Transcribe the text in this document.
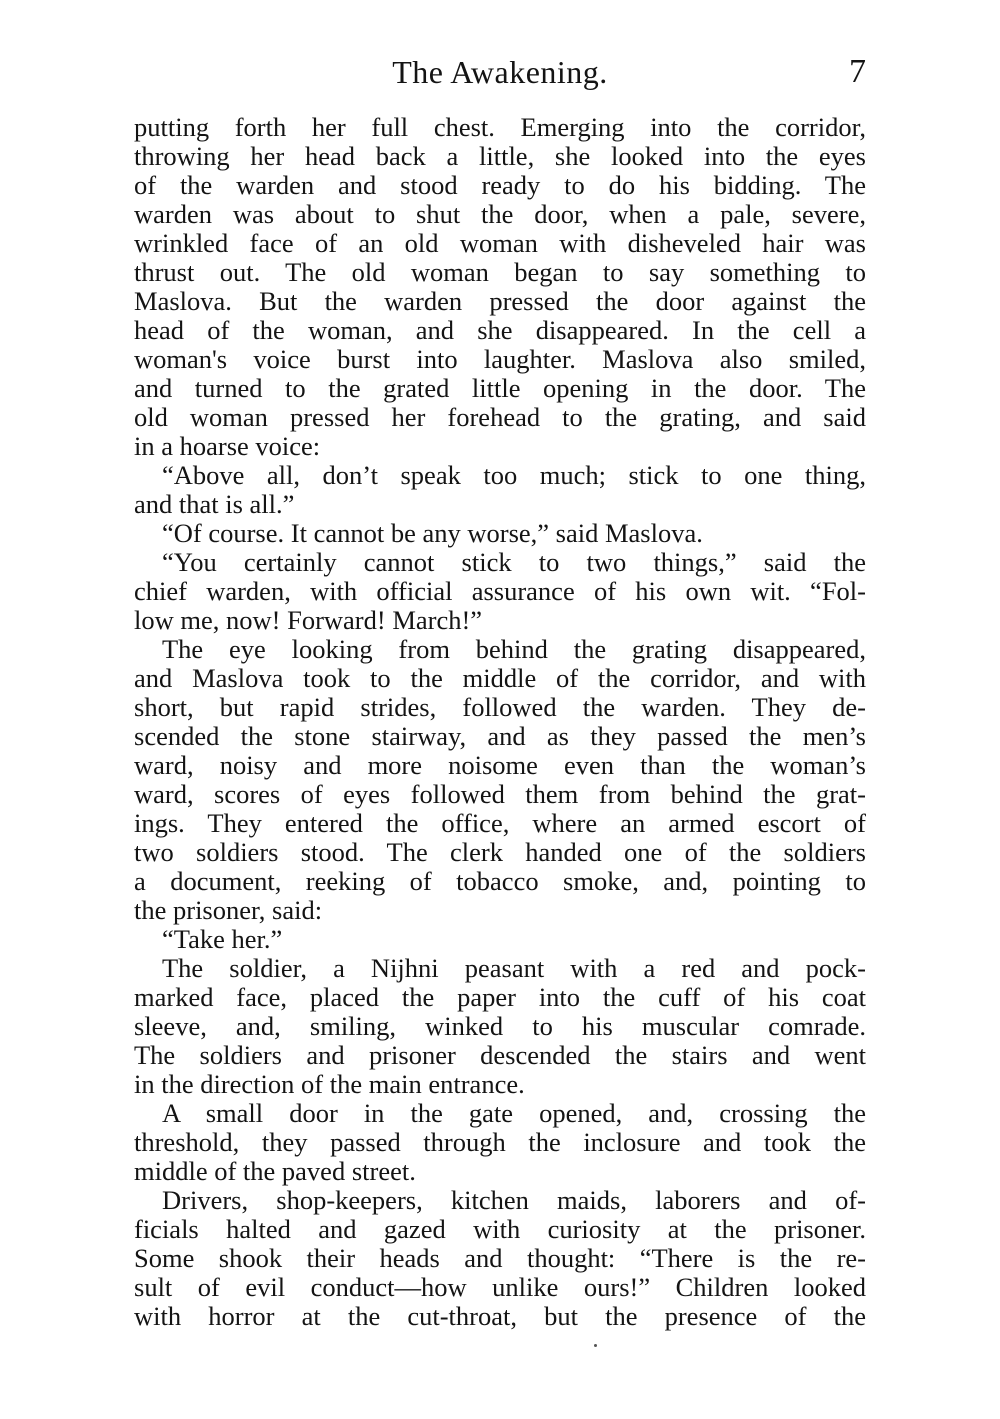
The Awakening.	7
putting forth her full chest. Emerging into the corridor,
throwing her head back a little, she looked into the eyes
of the warden and stood ready to do his bidding. The
warden was about to shut the door, when a pale, severe,
wrinkled face of an old woman with disheveled hair was
thrust out. The old woman began to say something to
Maslova. But the warden pressed the door against the
head of the woman, and she disappeared. In the cell a
woman's voice burst into laughter. Maslova also smiled,
and turned to the grated little opening in the door. The
old woman pressed her forehead to the grating, and said
in a hoarse voice:
“Above all, don’t speak too much; stick to one thing,
and that is all.”
“Of course. It cannot be any worse,” said Maslova.
“You certainly cannot stick to two things,” said the
chief warden, with official assurance of his own wit. “Fol-
low me, now! Forward! March!”
The eye looking from behind the grating disappeared,
and Maslova took to the middle of the corridor, and with
short, but rapid strides, followed the warden. They de-
scended the stone stairway, and as they passed the men’s
ward, noisy and more noisome even than the woman’s
ward, scores of eyes followed them from behind the grat-
ings. They entered the office, where an armed escort of
two soldiers stood. The clerk handed one of the soldiers
a document, reeking of tobacco smoke, and, pointing to
the prisoner, said:
“Take her.”
The soldier, a Nijhni peasant with a red and pock-
marked face, placed the paper into the cuff of his coat
sleeve, and, smiling, winked to his muscular comrade.
The soldiers and prisoner descended the stairs and went
in the direction of the main entrance.
A small door in the gate opened, and, crossing the
threshold, they passed through the inclosure and took the
middle of the paved street.
Drivers, shop-keepers, kitchen maids, laborers and of-
ficials halted and gazed with curiosity at the prisoner.
Some shook their heads and thought: “There is the re-
sult of evil conduct—how unlike ours!” Children looked
with horror at the cut-throat, but the presence of the
